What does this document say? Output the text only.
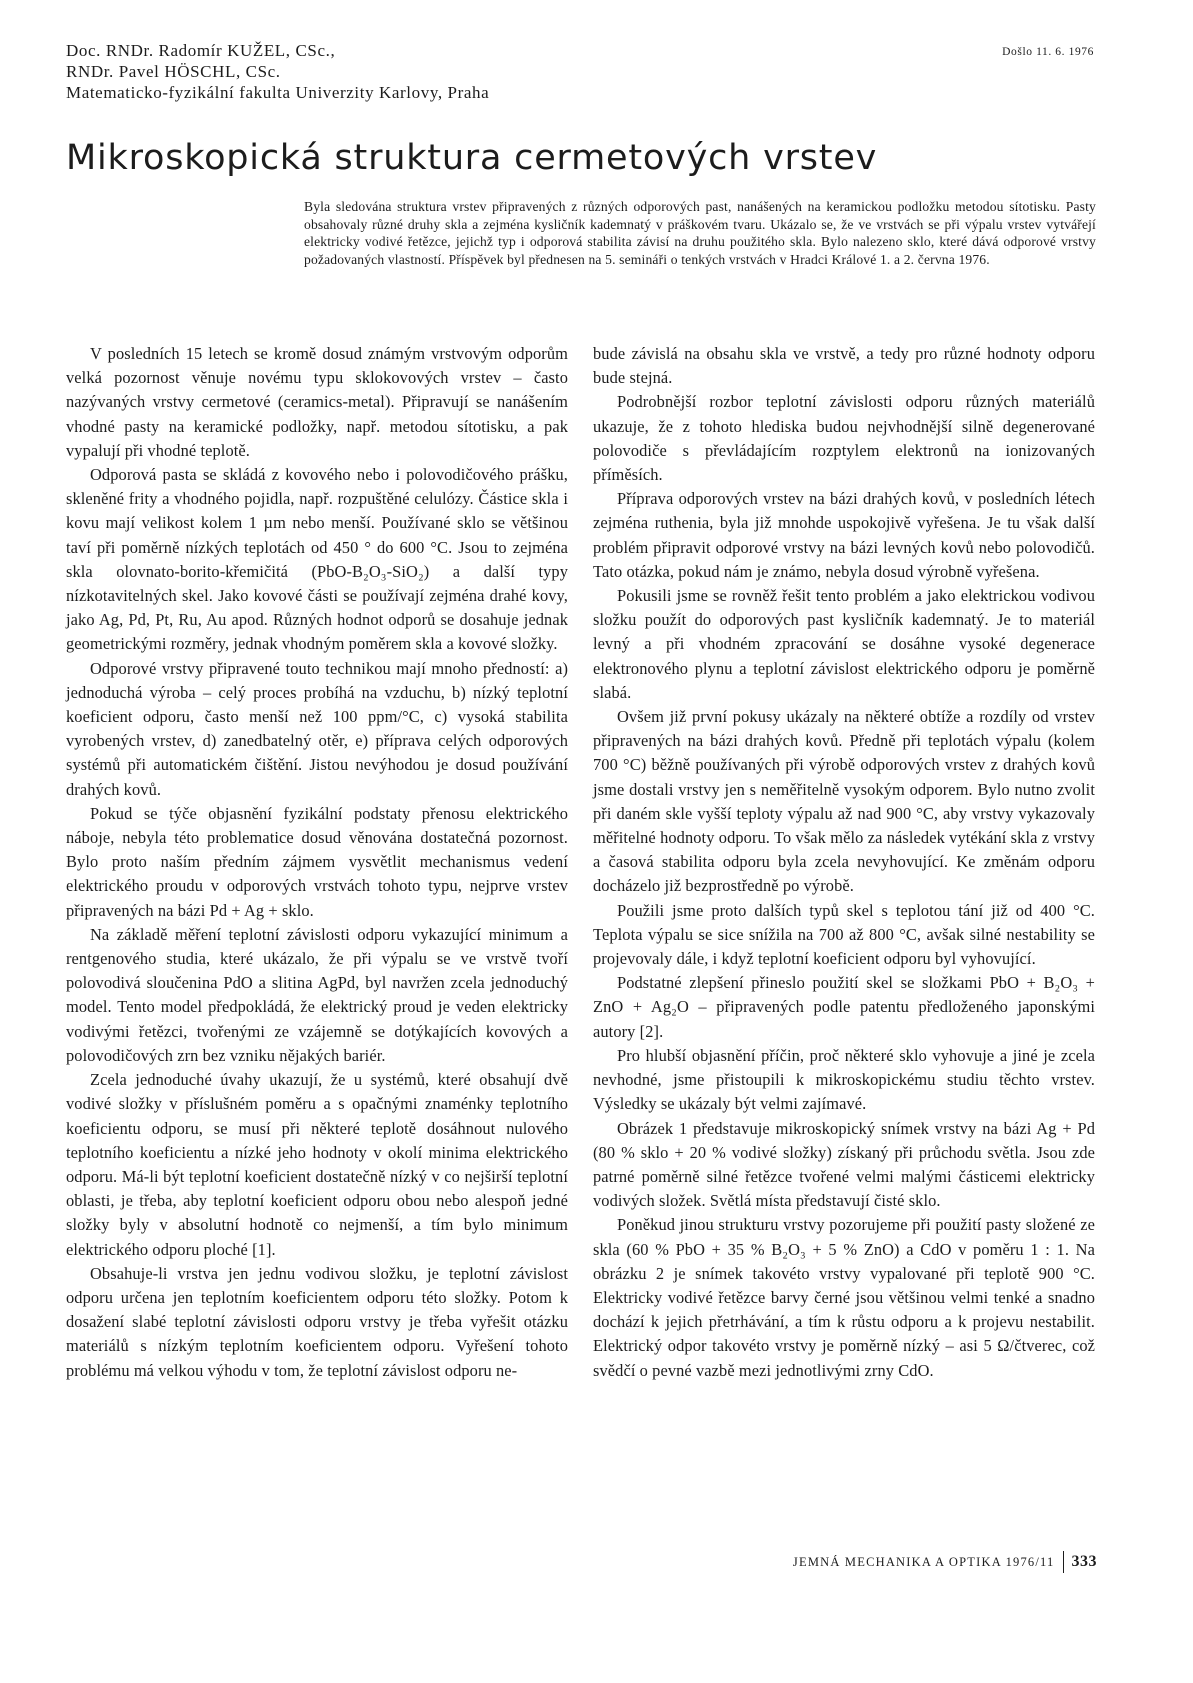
Doc. RNDr. Radomír KUŽEL, CSc.,
RNDr. Pavel HÖSCHL, CSc.
Matematicko-fyzikální fakulta Univerzity Karlovy, Praha
Došlo 11. 6. 1976
Mikroskopická struktura cermetových vrstev

Byla sledována struktura vrstev připravených z různých odporových past, nanášených na keramickou podložku metodou sítotisku. Pasty obsahovaly různé druhy skla a zejména kysličník kademnatý v práškovém tvaru. Ukázalo se, že ve vrstvách se při výpalu vrstev vytvářejí elektricky vodivé řetězce, jejichž typ i odporová stabilita závisí na druhu použitého skla. Bylo nalezeno sklo, které dává odporové vrstvy požadovaných vlastností. Příspěvek byl přednesen na 5. semináři o tenkých vrstvách v Hradci Králové 1. a 2. června 1976.

V posledních 15 letech se kromě dosud známým vrstvovým odporům velká pozornost věnuje novému typu sklokovových vrstev – často nazývaných vrstvy cermetové (ceramics-metal). Připravují se nanášením vhodné pasty na keramické podložky, např. metodou sítotisku, a pak vypalují při vhodné teplotě.

Odporová pasta se skládá z kovového nebo i polovodičového prášku, skleněné frity a vhodného pojidla, např. rozpuštěné celulózy. Částice skla i kovu mají velikost kolem 1 µm nebo menší. Používané sklo se většinou taví při poměrně nízkých teplotách od 450 ° do 600 °C. Jsou to zejména skla olovnato-borito-křemičitá (PbO-B₂O₃-SiO₂) a další typy nízkotavitelných skel. Jako kovové části se používají zejména drahé kovy, jako Ag, Pd, Pt, Ru, Au apod. Různých hodnot odporů se dosahuje jednak geometrickými rozměry, jednak vhodným poměrem skla a kovové složky.

Odporové vrstvy připravené touto technikou mají mnoho předností: a) jednoduchá výroba – celý proces probíhá na vzduchu, b) nízký teplotní koeficient odporu, často menší než 100 ppm/°C, c) vysoká stabilita vyrobených vrstev, d) zanedbatelný otěr, e) příprava celých odporových systémů při automatickém čištění. Jistou nevýhodou je dosud používání drahých kovů.

Pokud se týče objasnění fyzikální podstaty přenosu elektrického náboje, nebyla této problematice dosud věnována dostatečná pozornost. Bylo proto naším předním zájmem vysvětlit mechanismus vedení elektrického proudu v odporových vrstvách tohoto typu, nejprve vrstev připravených na bázi Pd + Ag + sklo.

Na základě měření teplotní závislosti odporu vykazující minimum a rentgenového studia, které ukázalo, že při výpalu se ve vrstvě tvoří polovodivá sloučenina PdO a slitina AgPd, byl navržen zcela jednoduchý model. Tento model předpokládá, že elektrický proud je veden elektricky vodivými řetězci, tvořenými ze vzájemně se dotýkajících kovových a polovodičových zrn bez vzniku nějakých bariér.

Zcela jednoduché úvahy ukazují, že u systémů, které obsahují dvě vodivé složky v příslušném poměru a s opačnými znaménky teplotního koeficientu odporu, se musí při některé teplotě dosáhnout nulového teplotního koeficientu a nízké jeho hodnoty v okolí minima elektrického odporu. Má-li být teplotní koeficient dostatečně nízký v co nejširší teplotní oblasti, je třeba, aby teplotní koeficient odporu obou nebo alespoň jedné složky byly v absolutní hodnotě co nejmenší, a tím bylo minimum elektrického odporu ploché [1].

Obsahuje-li vrstva jen jednu vodivou složku, je teplotní závislost odporu určena jen teplotním koeficientem odporu této složky. Potom k dosažení slabé teplotní závislosti odporu vrstvy je třeba vyřešit otázku materiálů s nízkým teplotním koeficientem odporu. Vyřešení tohoto problému má velkou výhodu v tom, že teplotní závislost odporu ne-

bude závislá na obsahu skla ve vrstvě, a tedy pro různé hodnoty odporu bude stejná.

Podrobnější rozbor teplotní závislosti odporu různých materiálů ukazuje, že z tohoto hlediska budou nejvhodnější silně degenerované polovodiče s převládajícím rozptylem elektronů na ionizovaných příměsích.

Příprava odporových vrstev na bázi drahých kovů, v posledních létech zejména ruthenia, byla již mnohde uspokojivě vyřešena. Je tu však další problém připravit odporové vrstvy na bázi levných kovů nebo polovodičů. Tato otázka, pokud nám je známo, nebyla dosud výrobně vyřešena.

Pokusili jsme se rovněž řešit tento problém a jako elektrickou vodivou složku použít do odporových past kysličník kademnatý. Je to materiál levný a při vhodném zpracování se dosáhne vysoké degenerace elektronového plynu a teplotní závislost elektrického odporu je poměrně slabá.

Ovšem již první pokusy ukázaly na některé obtíže a rozdíly od vrstev připravených na bázi drahých kovů. Předně při teplotách výpalu (kolem 700 °C) běžně používaných při výrobě odporových vrstev z drahých kovů jsme dostali vrstvy jen s neměřitelně vysokým odporem. Bylo nutno zvolit při daném skle vyšší teploty výpalu až nad 900 °C, aby vrstvy vykazovaly měřitelné hodnoty odporu. To však mělo za následek vytékání skla z vrstvy a časová stabilita odporu byla zcela nevyhovující. Ke změnám odporu docházelo již bezprostředně po výrobě.

Použili jsme proto dalších typů skel s teplotou tání již od 400 °C. Teplota výpalu se sice snížila na 700 až 800 °C, avšak silné nestability se projevovaly dále, i když teplotní koeficient odporu byl vyhovující.

Podstatné zlepšení přineslo použití skel se složkami PbO + B₂O₃ + ZnO + Ag₂O – připravených podle patentu předloženého japonskými autory [2].

Pro hlubší objasnění příčin, proč některé sklo vyhovuje a jiné je zcela nevhodné, jsme přistoupili k mikroskopickému studiu těchto vrstev. Výsledky se ukázaly být velmi zajímavé.

Obrázek 1 představuje mikroskopický snímek vrstvy na bázi Ag + Pd (80 % sklo + 20 % vodivé složky) získaný při průchodu světla. Jsou zde patrné poměrně silné řetězce tvořené velmi malými částicemi elektricky vodivých složek. Světlá místa představují čisté sklo.

Poněkud jinou strukturu vrstvy pozorujeme při použití pasty složené ze skla (60 % PbO + 35 % B₂O₃ + 5 % ZnO) a CdO v poměru 1 : 1. Na obrázku 2 je snímek takovéto vrstvy vypalované při teplotě 900 °C. Elektricky vodivé řetězce barvy černé jsou většinou velmi tenké a snadno dochází k jejich přetrhávání, a tím k růstu odporu a k projevu nestabilit. Elektrický odpor takovéto vrstvy je poměrně nízký – asi 5 Ω/čtverec, což svědčí o pevné vazbě mezi jednotlivými zrny CdO.

JEMNÁ MECHANIKA A OPTIKA 1976/11 333
